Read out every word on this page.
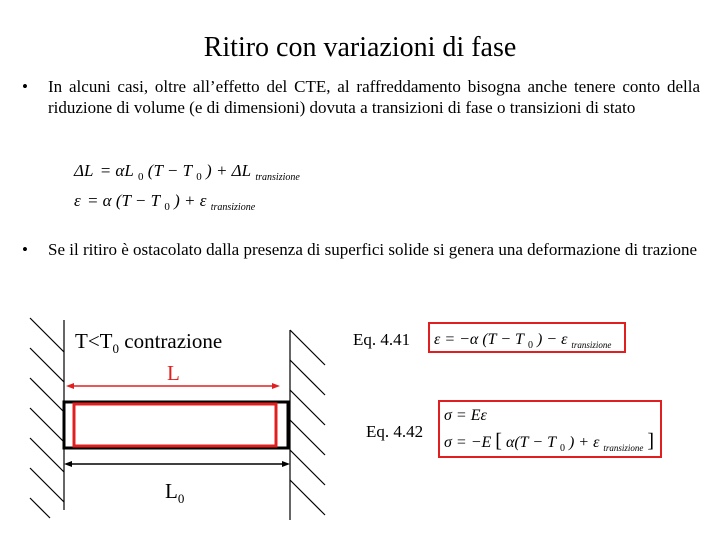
Ritiro con variazioni di fase
• In alcuni casi, oltre all’effetto del CTE, al raffreddamento bisogna anche tenere conto della riduzione di volume (e di dimensioni) dovuta a transizioni di fase o transizioni di stato
ΔL = αL $_0$ (T − T $_0$ ) + ΔL $_{transizione}$
ε = α (T − T $_0$ ) + ε $_{transizione}$
• Se il ritiro è ostacolato dalla presenza di superfici solide si genera una deformazione di trazione
$T<T_0$ contrazione
L
$L_0$
Eq. 4.41 ε = −α (T − T $_0$ ) − ε $_{transizione}$
Eq. 4.42
σ = Eε
σ = −E [ α(T − T $_0$ ) + ε $_{transizione}$ ]
